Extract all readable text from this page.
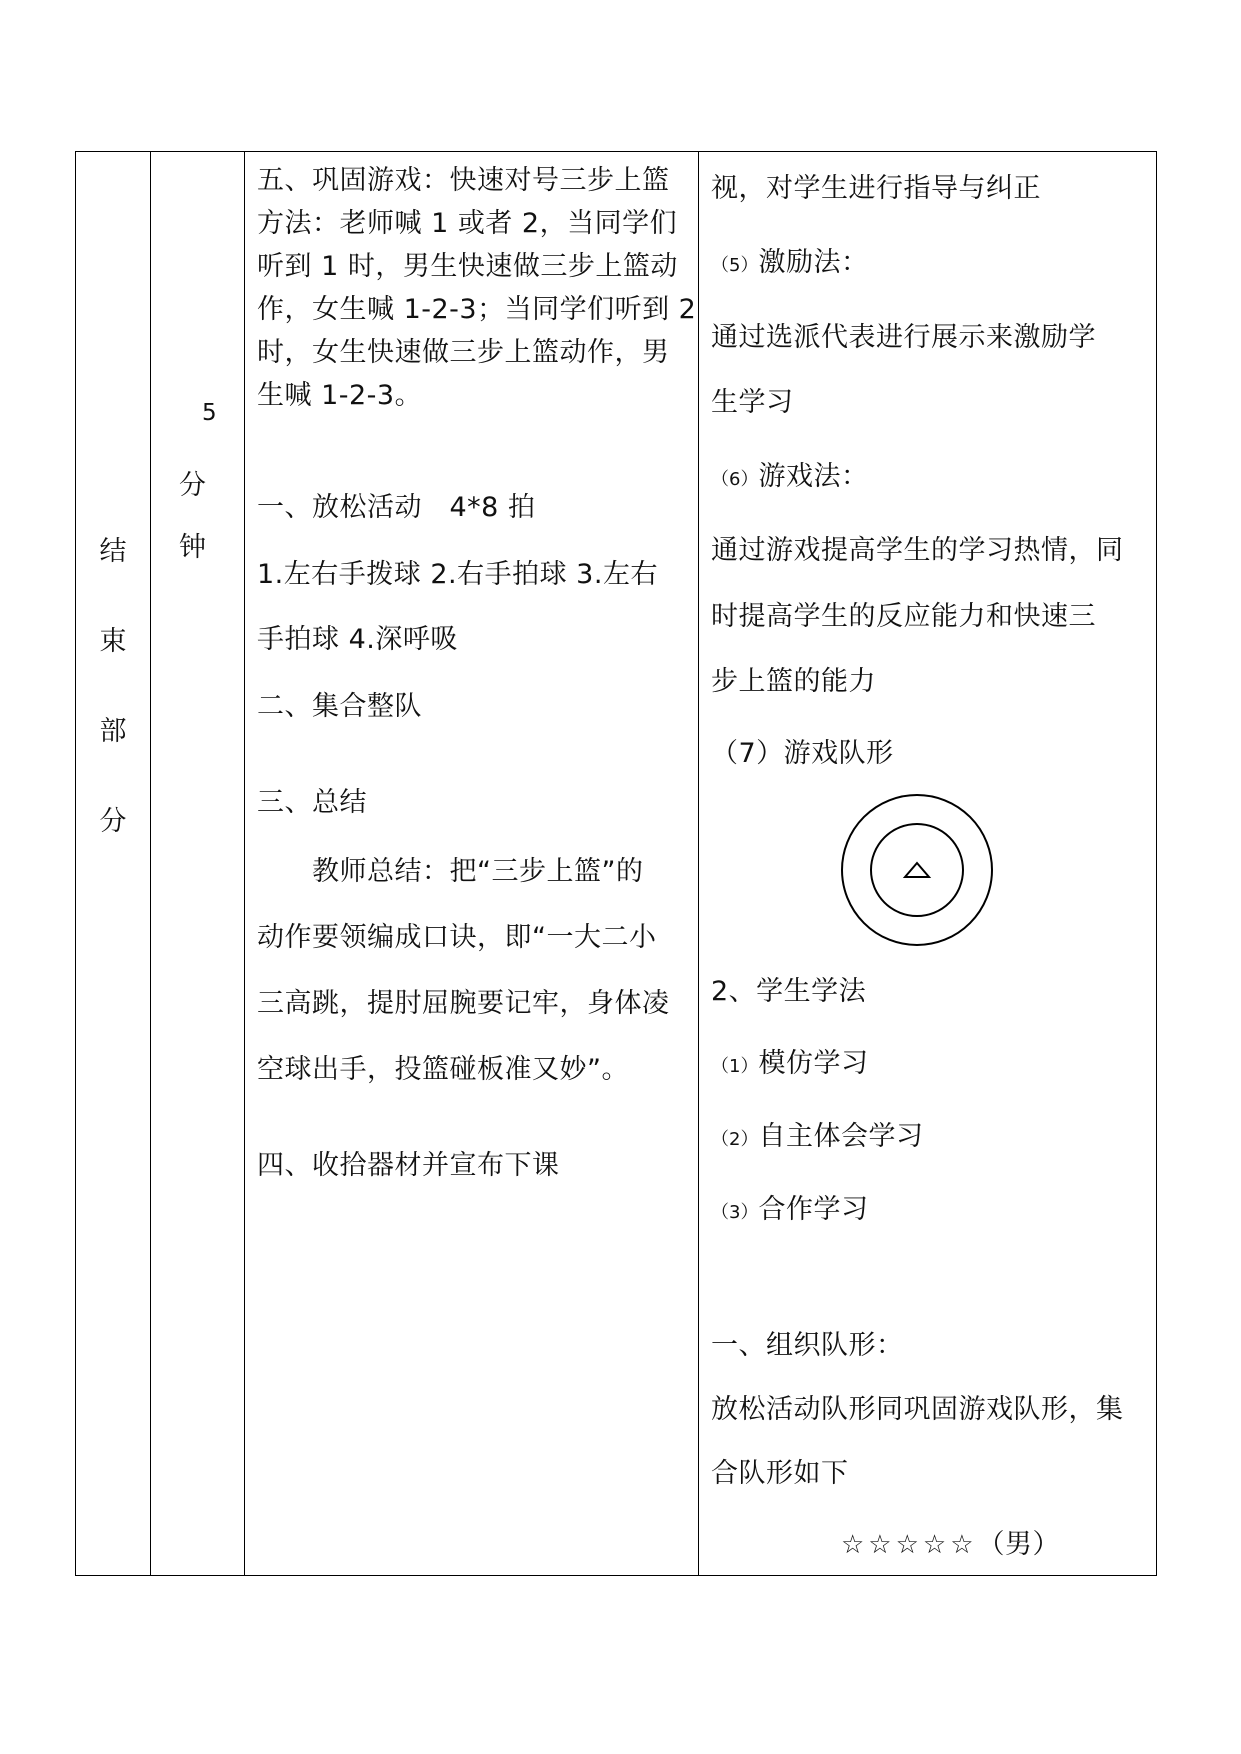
结
束
部
分

5
分
钟

五、巩固游戏：快速对号三步上篮
方法：老师喊 1 或者 2，当同学们
听到 1 时，男生快速做三步上篮动
作，女生喊 1-2-3；当同学们听到 2
时，女生快速做三步上篮动作，男
生喊 1-2-3。
一、放松活动　4*8 拍
1.左右手拨球 2.右手拍球 3.左右
手拍球 4.深呼吸
二、集合整队
三、总结
　　教师总结：把“三步上篮”的
动作要领编成口诀，即“一大二小
三高跳，提肘屈腕要记牢，身体凌
空球出手，投篮碰板准又妙”。
四、收拾器材并宣布下课

视，对学生进行指导与纠正
（5）激励法：
通过选派代表进行展示来激励学
生学习
（6）游戏法：
通过游戏提高学生的学习热情，同
时提高学生的反应能力和快速三
步上篮的能力
（7）游戏队形
2、学生学法
（1）模仿学习
（2）自主体会学习
（3）合作学习
一、组织队形：
放松活动队形同巩固游戏队形，集
合队形如下
☆☆☆☆☆（男）
